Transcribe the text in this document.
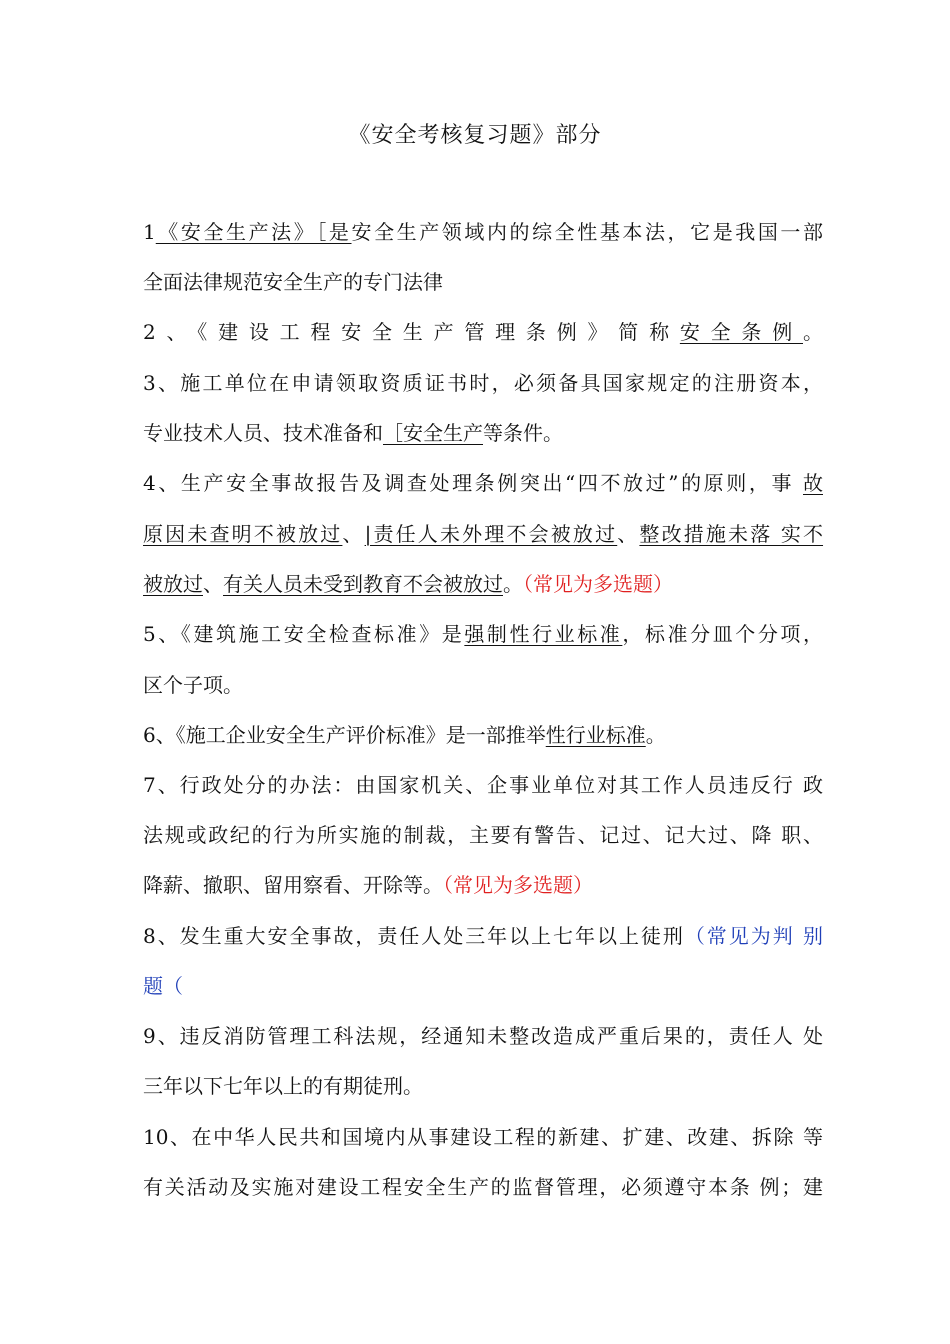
《安全考核复习题》部分
1《安全生产法》［是安全生产领域内的综全性基本法，它是我国一部
全面法律规范安全生产的专门法律
2、《建设工程安全生产管理条例》简称安全条例。
3、施工单位在申请领取资质证书时，必须备具国家规定的注册资本，
专业技术人员、技术准备和［安全生产等条件。
4、生产安全事故报告及调查处理条例突出“四不放过”的原则，事 故
原因未查明不被放过、|责任人未外理不会被放过、整改措施未落 实不
被放过、有关人员未受到教育不会被放过。（常见为多选题）
5、《建筑施工安全检查标准》是强制性行业标准，标准分皿个分项，
区个子项。
6、《施工企业安全生产评价标准》是一部推举性行业标准。
7、行政处分的办法：由国家机关、企事业单位对其工作人员违反行 政
法规或政纪的行为所实施的制裁，主要有警告、记过、记大过、降 职、
降薪、撤职、留用察看、开除等。（常见为多选题）
8、发生重大安全事故，责任人处三年以上七年以上徒刑（常见为判 别
题（
9、违反消防管理工科法规，经通知未整改造成严重后果的，责任人 处
三年以下七年以上的有期徒刑。
10、在中华人民共和国境内从事建设工程的新建、扩建、改建、拆除 等
有关活动及实施对建设工程安全生产的监督管理，必须遵守本条 例；建
